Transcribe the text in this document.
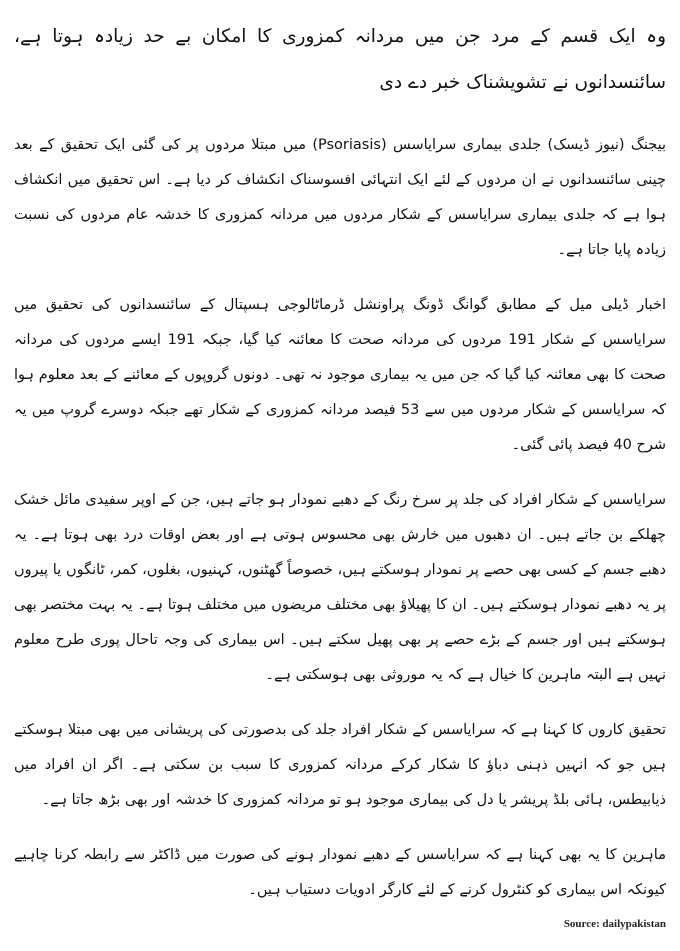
وہ ایک قسم کے مرد جن میں مردانہ کمزوری کا امکان بے حد زیادہ ہوتا ہے، سائنسدانوں نے تشویشناک خبر دے دی

بیجنگ (نیوز ڈیسک) جلدی بیماری سرایاسس (Psoriasis) میں مبتلا مردوں پر کی گئی ایک تحقیق کے بعد چینی سائنسدانوں نے ان مردوں کے لئے ایک انتہائی افسوسناک انکشاف کر دیا ہے۔ اس تحقیق میں انکشاف ہوا ہے کہ جلدی بیماری سرایاسس کے شکار مردوں میں مردانہ کمزوری کا خدشہ عام مردوں کی نسبت زیادہ پایا جاتا ہے۔

اخبار ڈیلی میل کے مطابق گوانگ ڈونگ پراونشل ڈرماٹالوجی ہسپتال کے سائنسدانوں کی تحقیق میں سرایاسس کے شکار 191 مردوں کی مردانہ صحت کا معائنہ کیا گیا، جبکہ 191 ایسے مردوں کی مردانہ صحت کا بھی معائنہ کیا گیا کہ جن میں یہ بیماری موجود نہ تھی۔ دونوں گروپوں کے معائنے کے بعد معلوم ہوا کہ سرایاسس کے شکار مردوں میں سے 53 فیصد مردانہ کمزوری کے شکار تھے جبکہ دوسرے گروپ میں یہ شرح 40 فیصد پائی گئی۔

سرایاسس کے شکار افراد کی جلد پر سرخ رنگ کے دھبے نمودار ہو جاتے ہیں، جن کے اوپر سفیدی مائل خشک چھلکے بن جاتے ہیں۔ ان دھبوں میں خارش بھی محسوس ہوتی ہے اور بعض اوقات درد بھی ہوتا ہے۔ یہ دھبے جسم کے کسی بھی حصے پر نمودار ہوسکتے ہیں، خصوصاً گھٹنوں، کہنیوں، بغلوں، کمر، ٹانگوں یا پیروں پر یہ دھبے نمودار ہوسکتے ہیں۔ ان کا پھیلاؤ بھی مختلف مریضوں میں مختلف ہوتا ہے۔ یہ بہت مختصر بھی ہوسکتے ہیں اور جسم کے بڑے حصے پر بھی پھیل سکتے ہیں۔ اس بیماری کی وجہ تاحال پوری طرح معلوم نہیں ہے البتہ ماہرین کا خیال ہے کہ یہ موروثی بھی ہوسکتی ہے۔

تحقیق کاروں کا کہنا ہے کہ سرایاسس کے شکار افراد جلد کی بدصورتی کی پریشانی میں بھی مبتلا ہوسکتے ہیں جو کہ انہیں ذہنی دباؤ کا شکار کرکے مردانہ کمزوری کا سبب بن سکتی ہے۔ اگر ان افراد میں ذیابیطس، ہائی بلڈ پریشر یا دل کی بیماری موجود ہو تو مردانہ کمزوری کا خدشہ اور بھی بڑھ جاتا ہے۔

ماہرین کا یہ بھی کہنا ہے کہ سرایاسس کے دھبے نمودار ہونے کی صورت میں ڈاکٹر سے رابطہ کرنا چاہیے کیونکہ اس بیماری کو کنٹرول کرنے کے لئے کارگر ادویات دستیاب ہیں۔

Source: dailypakistan
